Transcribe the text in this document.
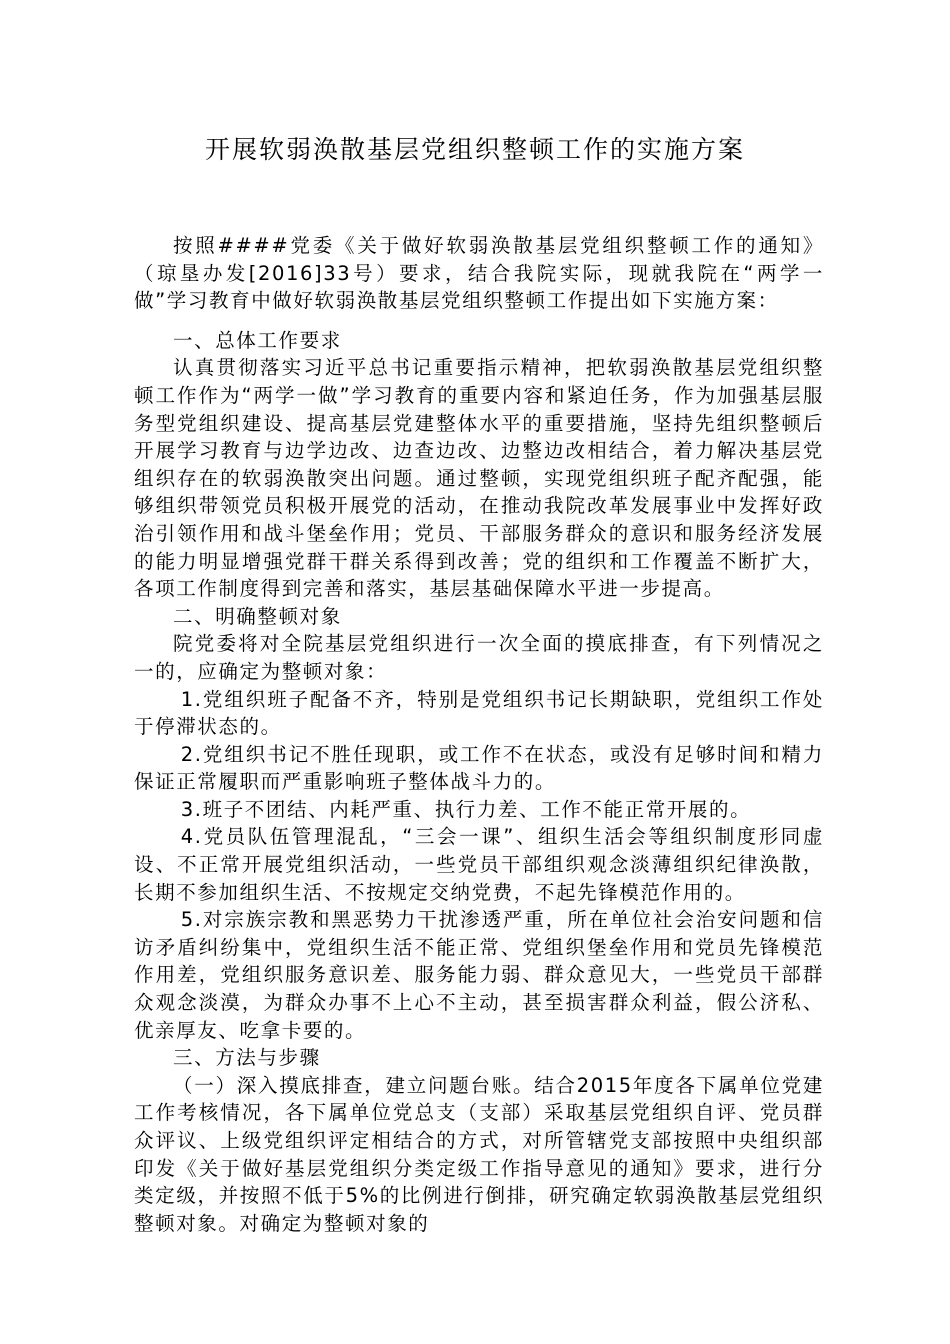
开展软弱涣散基层党组织整顿工作的实施方案

按照####党委《关于做好软弱涣散基层党组织整顿工作的通知》（琼垦办发[2016]33号）要求，结合我院实际，现就我院在“两学一做”学习教育中做好软弱涣散基层党组织整顿工作提出如下实施方案：

一、总体工作要求

认真贯彻落实习近平总书记重要指示精神，把软弱涣散基层党组织整顿工作作为“两学一做”学习教育的重要内容和紧迫任务，作为加强基层服务型党组织建设、提高基层党建整体水平的重要措施，坚持先组织整顿后开展学习教育与边学边改、边查边改、边整边改相结合，着力解决基层党组织存在的软弱涣散突出问题。通过整顿，实现党组织班子配齐配强，能够组织带领党员积极开展党的活动，在推动我院改革发展事业中发挥好政治引领作用和战斗堡垒作用；党员、干部服务群众的意识和服务经济发展的能力明显增强党群干群关系得到改善；党的组织和工作覆盖不断扩大，各项工作制度得到完善和落实，基层基础保障水平进一步提高。

二、明确整顿对象

院党委将对全院基层党组织进行一次全面的摸底排查，有下列情况之一的，应确定为整顿对象：

1.党组织班子配备不齐，特别是党组织书记长期缺职，党组织工作处于停滞状态的。

2.党组织书记不胜任现职，或工作不在状态，或没有足够时间和精力保证正常履职而严重影响班子整体战斗力的。

3.班子不团结、内耗严重、执行力差、工作不能正常开展的。

4.党员队伍管理混乱，“三会一课”、组织生活会等组织制度形同虚设、不正常开展党组织活动，一些党员干部组织观念淡薄组织纪律涣散，长期不参加组织生活、不按规定交纳党费，不起先锋模范作用的。

5.对宗族宗教和黑恶势力干扰渗透严重，所在单位社会治安问题和信访矛盾纠纷集中，党组织生活不能正常、党组织堡垒作用和党员先锋模范作用差，党组织服务意识差、服务能力弱、群众意见大，一些党员干部群众观念淡漠，为群众办事不上心不主动，甚至损害群众利益，假公济私、优亲厚友、吃拿卡要的。

三、方法与步骤

（一）深入摸底排查，建立问题台账。结合2015年度各下属单位党建工作考核情况，各下属单位党总支（支部）采取基层党组织自评、党员群众评议、上级党组织评定相结合的方式，对所管辖党支部按照中央组织部印发《关于做好基层党组织分类定级工作指导意见的通知》要求，进行分类定级，并按照不低于5%的比例进行倒排，研究确定软弱涣散基层党组织整顿对象。对确定为整顿对象的
